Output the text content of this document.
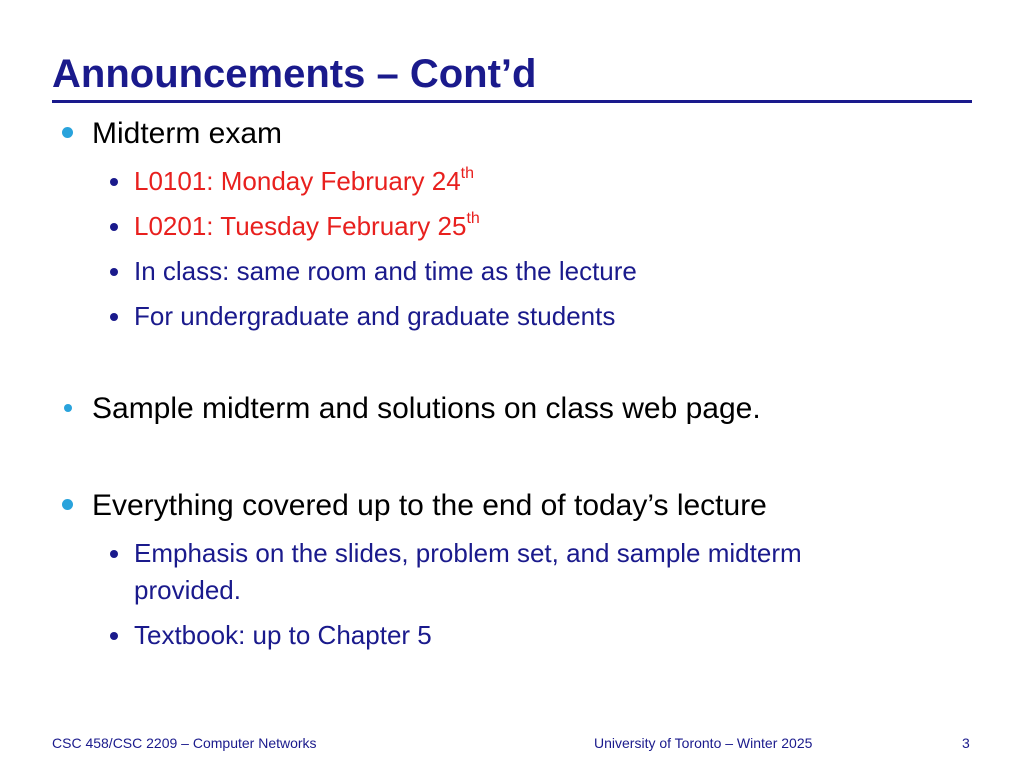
Announcements – Cont’d
Midterm exam
L0101: Monday February 24th
L0201: Tuesday February 25th
In class: same room and time as the lecture
For undergraduate and graduate students
Sample midterm and solutions on class web page.
Everything covered up to the end of today’s lecture
Emphasis on the slides, problem set, and sample midterm
provided.
Textbook: up to Chapter 5
CSC 458/CSC 2209 – Computer Networks	University of Toronto – Winter 2025	3
